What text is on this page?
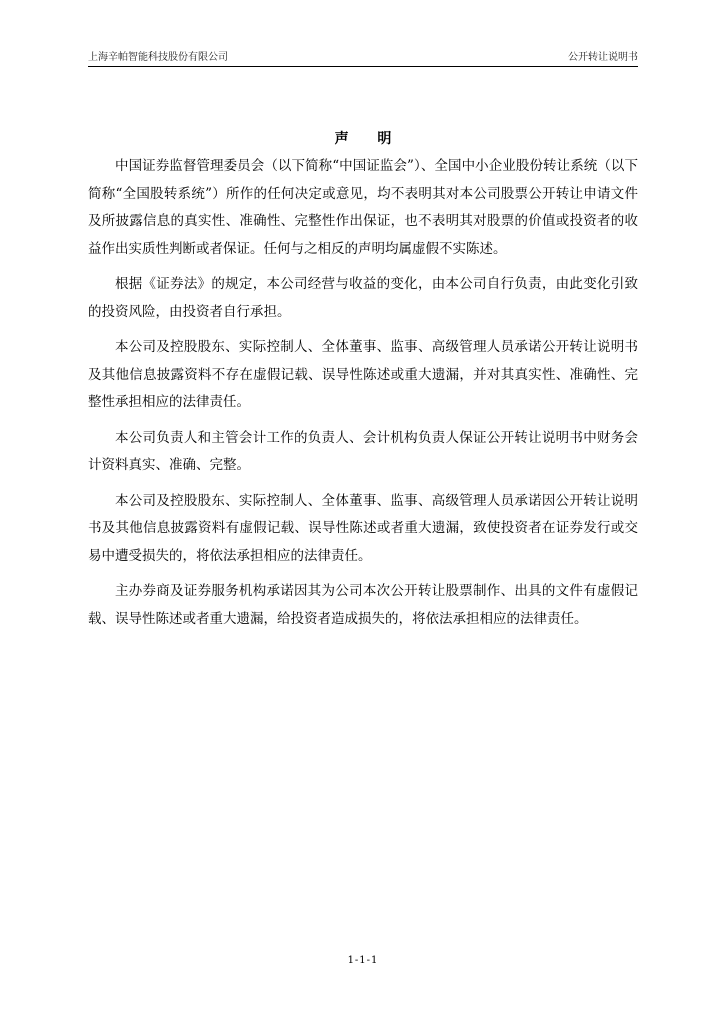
上海辛帕智能科技股份有限公司	公开转让说明书
声 明

中国证券监督管理委员会（以下简称“中国证监会”）、全国中小企业股份转让系统（以下简称“全国股转系统”）所作的任何决定或意见，均不表明其对本公司股票公开转让申请文件及所披露信息的真实性、准确性、完整性作出保证，也不表明其对股票的价值或投资者的收益作出实质性判断或者保证。任何与之相反的声明均属虚假不实陈述。

根据《证券法》的规定，本公司经营与收益的变化，由本公司自行负责，由此变化引致的投资风险，由投资者自行承担。

本公司及控股股东、实际控制人、全体董事、监事、高级管理人员承诺公开转让说明书及其他信息披露资料不存在虚假记载、误导性陈述或重大遗漏，并对其真实性、准确性、完整性承担相应的法律责任。

本公司负责人和主管会计工作的负责人、会计机构负责人保证公开转让说明书中财务会计资料真实、准确、完整。

本公司及控股股东、实际控制人、全体董事、监事、高级管理人员承诺因公开转让说明书及其他信息披露资料有虚假记载、误导性陈述或者重大遗漏，致使投资者在证券发行或交易中遭受损失的，将依法承担相应的法律责任。

主办券商及证券服务机构承诺因其为公司本次公开转让股票制作、出具的文件有虚假记载、误导性陈述或者重大遗漏，给投资者造成损失的，将依法承担相应的法律责任。

1-1-1
